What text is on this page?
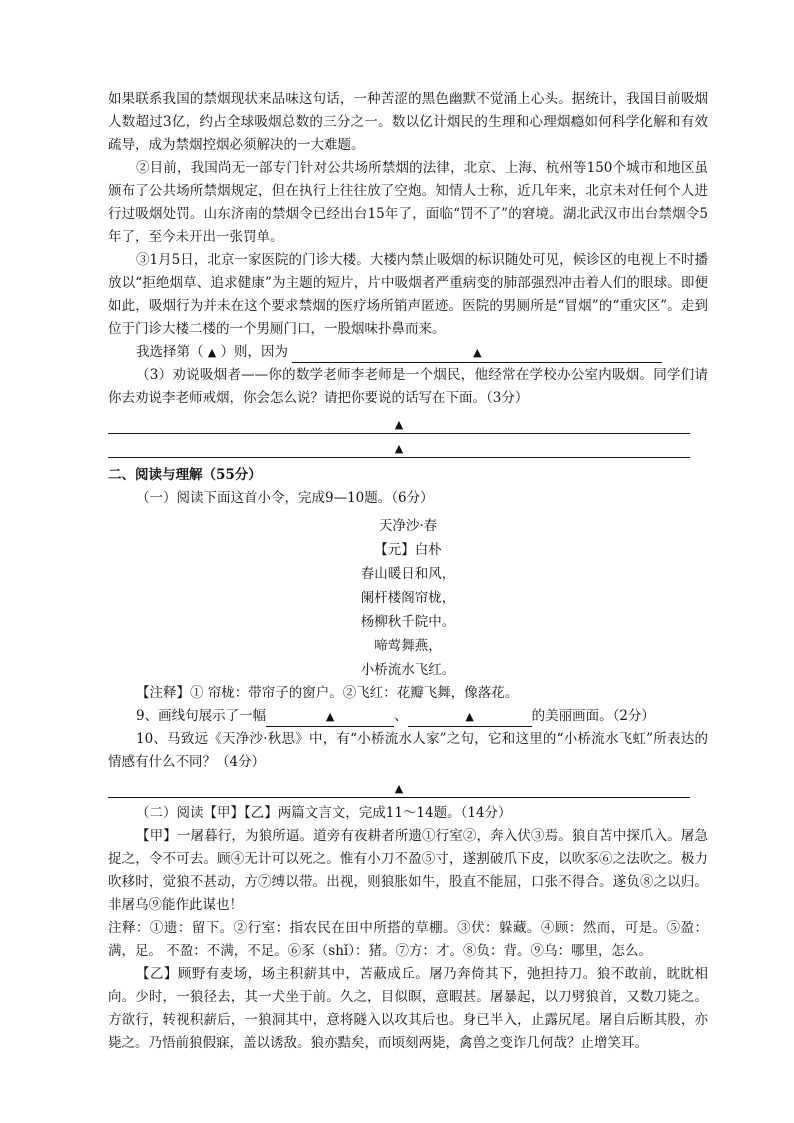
如果联系我国的禁烟现状来品味这句话，一种苦涩的黑色幽默不觉涌上心头。据统计，我国目前吸烟人数超过3亿，约占全球吸烟总数的三分之一。数以亿计烟民的生理和心理烟瘾如何科学化解和有效疏导，成为禁烟控烟必须解决的一大难题。

②目前，我国尚无一部专门针对公共场所禁烟的法律，北京、上海、杭州等150个城市和地区虽颁布了公共场所禁烟规定，但在执行上往往放了空炮。知情人士称，近几年来，北京未对任何个人进行过吸烟处罚。山东济南的禁烟令已经出台15年了，面临“罚不了”的窘境。湖北武汉市出台禁烟令5年了，至今未开出一张罚单。

③1月5日，北京一家医院的门诊大楼。大楼内禁止吸烟的标识随处可见，候诊区的电视上不时播放以“拒绝烟草、追求健康”为主题的短片，片中吸烟者严重病变的肺部强烈冲击着人们的眼球。即便如此，吸烟行为并未在这个要求禁烟的医疗场所销声匿迹。医院的男厕所是“冒烟”的“重灾区”。走到位于门诊大楼二楼的一个男厕门口，一股烟味扑鼻而来。

我选择第（ ▲ ）则，因为	▲

（3）劝说吸烟者——你的数学老师李老师是一个烟民，他经常在学校办公室内吸烟。同学们请你去劝说李老师戒烟，你会怎么说？请把你要说的话写在下面。（3分）

▲
▲
二、阅读与理解（55分）

（一）阅读下面这首小令，完成9—10题。（6分）

天净沙·春
【元】白朴
春山暖日和风，
阑杆楼阁帘栊，
杨柳秋千院中。
啼莺舞燕，
小桥流水飞红。

【注释】① 帘栊：带帘子的窗户。②飞红：花瓣飞舞，像落花。

9、画线句展示了一幅	▲	、	▲	的美丽画面。（2分）

10、马致远《天净沙·秋思》中，有“小桥流水人家”之句，它和这里的“小桥流水飞虹”所表达的情感有什么不同？（4分）

▲

（二）阅读【甲】【乙】两篇文言文，完成11～14题。（14分）

【甲】一屠暮行，为狼所逼。道旁有夜耕者所遗①行室②，奔入伏③焉。狼自苫中探爪入。屠急捉之，令不可去。顾④无计可以死之。惟有小刀不盈⑤寸，遂割破爪下皮，以吹豕⑥之法吹之。极力吹移时，觉狼不甚动，方⑦缚以带。出视，则狼胀如牛，股直不能屈，口张不得合。遂负⑧之以归。非屠乌⑨能作此谋也！

注释：①遗：留下。②行室：指农民在田中所搭的草棚。③伏：躲藏。④顾：然而，可是。⑤盈：满，足。 不盈：不满，不足。⑥豕（shǐ）：猪。⑦方：才。⑧负：背。⑨乌：哪里，怎么。

【乙】顾野有麦场，场主积薪其中，苫蔽成丘。屠乃奔倚其下，弛担持刀。狼不敢前，眈眈相向。少时，一狼径去，其一犬坐于前。久之，目似瞑，意暇甚。屠暴起，以刀劈狼首，又数刀毙之。方欲行，转视积薪后，一狼洞其中，意将隧入以攻其后也。身已半入，止露尻尾。屠自后断其股，亦毙之。乃悟前狼假寐，盖以诱敌。狼亦黠矣，而顷刻两毙，禽兽之变诈几何哉？止增笑耳。
